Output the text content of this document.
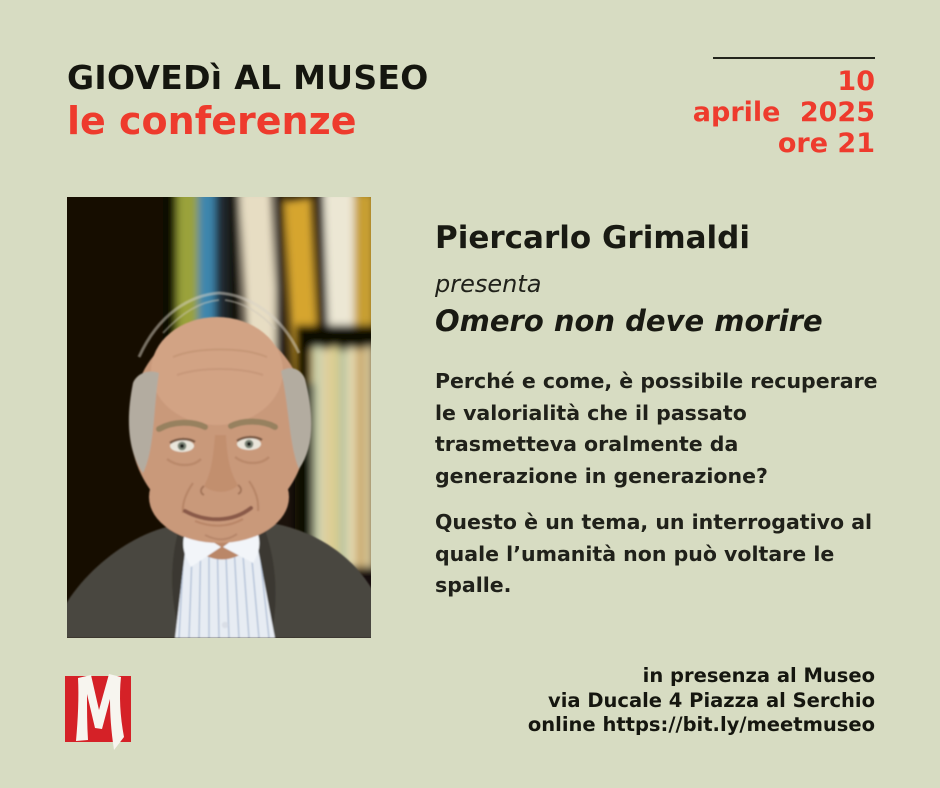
GIOVEDì AL MUSEO
le conferenze
10
aprile 2025
ore 21
Piercarlo Grimaldi
presenta
Omero non deve morire

Perché e come, è possibile recuperare le valorialità che il passato trasmetteva oralmente da generazione in generazione?

Questo è un tema, un interrogativo al quale l’umanità non può voltare le spalle.

in presenza al Museo
via Ducale 4 Piazza al Serchio
online https://bit.ly/meetmuseo
